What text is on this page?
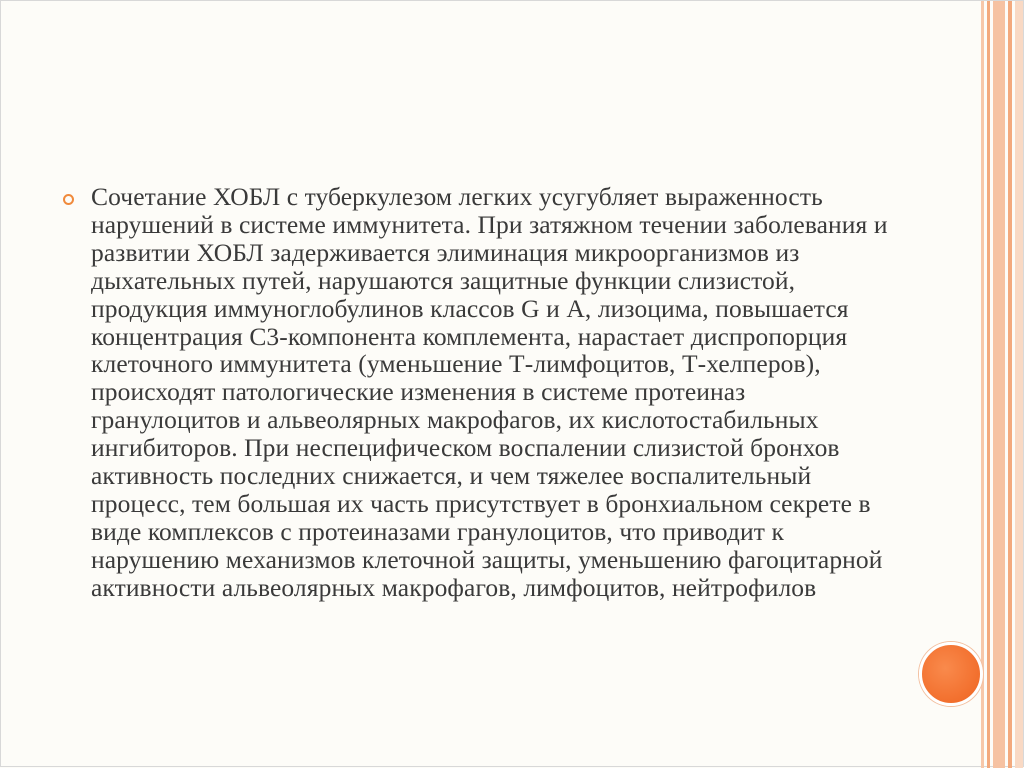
Сочетание ХОБЛ с туберкулезом легких усугубляет выраженность нарушений в системе иммунитета. При затяжном течении заболевания и развитии ХОБЛ задерживается элиминация микроорганизмов из дыхательных путей, нарушаются защитные функции слизистой, продукция иммуноглобулинов классов G и A, лизоцима, повышается концентрация С3-компонента комплемента, нарастает диспропорция клеточного иммунитета (уменьшение Т-лимфоцитов, Т-хелперов), происходят патологические изменения в системе протеиназ гранулоцитов и альвеолярных макрофагов, их кислотостабильных ингибиторов. При неспецифическом воспалении слизистой бронхов активность последних снижается, и чем тяжелее воспалительный процесс, тем большая их часть присутствует в бронхиальном секрете в виде комплексов с протеиназами гранулоцитов, что приводит к нарушению механизмов клеточной защиты, уменьшению фагоцитарной активности альвеолярных макрофагов, лимфоцитов, нейтрофилов
